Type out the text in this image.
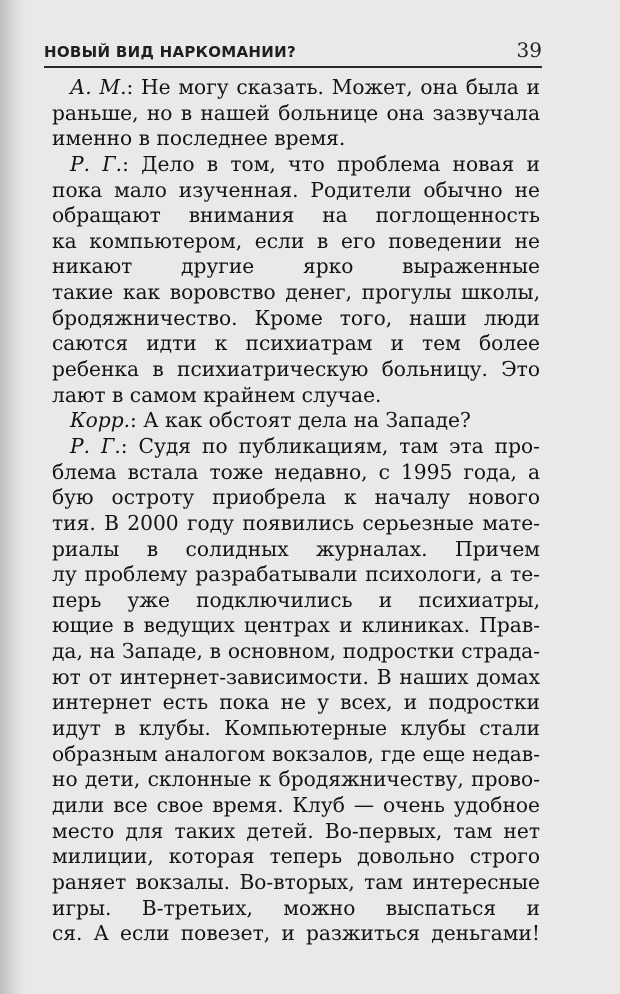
НОВЫЙ ВИД НАРКОМАНИИ?	39
А. М.: Не могу сказать. Может, она была и
раньше, но в нашей больнице она зазвучала
именно в последнее время.
Р. Г.: Дело в том, что проблема новая и
пока мало изученная. Родители обычно не
обращают внимания на поглощенность
ка компьютером, если в его поведении не
никают другие ярко выраженные
такие как воровство денег, прогулы школы,
бродяжничество. Кроме того, наши люди
саются идти к психиатрам и тем более
ребенка в психиатрическую больницу. Это
лают в самом крайнем случае.
Корр.: А как обстоят дела на Западе?
Р. Г.: Судя по публикациям, там эта про-
блема встала тоже недавно, с 1995 года, а
бую остроту приобрела к началу нового
тия. В 2000 году появились серьезные мате-
риалы в солидных журналах. Причем
лу проблему разрабатывали психологи, а те-
перь уже подключились и психиатры,
ющие в ведущих центрах и клиниках. Прав-
да, на Западе, в основном, подростки страда-
ют от интернет-зависимости. В наших домах
интернет есть пока не у всех, и подростки
идут в клубы. Компьютерные клубы стали
образным аналогом вокзалов, где еще недав-
но дети, склонные к бродяжничеству, прово-
дили все свое время. Клуб — очень удобное
место для таких детей. Во-первых, там нет
милиции, которая теперь довольно строго
раняет вокзалы. Во-вторых, там интересные
игры. В-третьих, можно выспаться и
ся. А если повезет, и разжиться деньгами!
